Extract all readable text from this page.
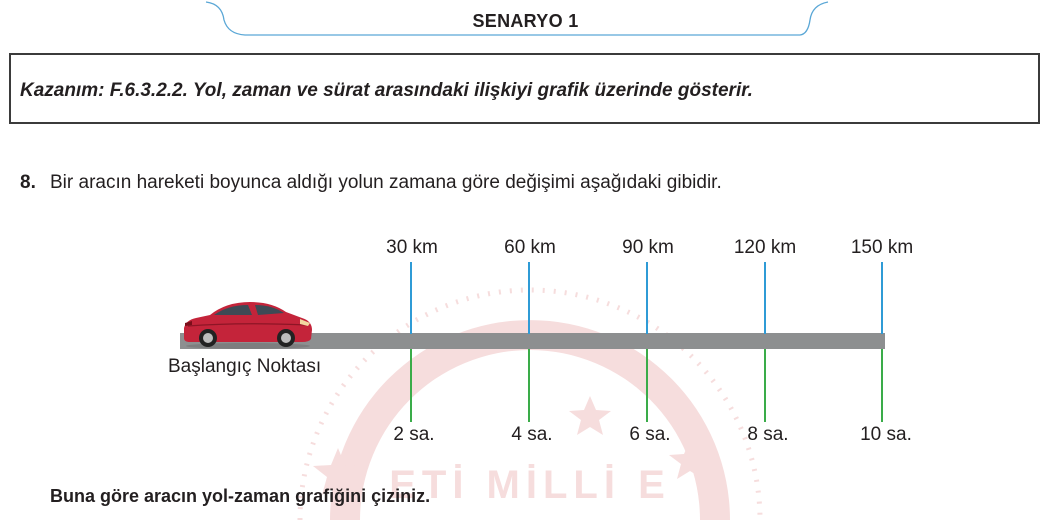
ETİ MİLLİ E
SENARYO 1
Kazanım: F.6.3.2.2. Yol, zaman ve sürat arasındaki ilişkiyi grafik üzerinde gösterir.
8. Bir aracın hareketi boyunca aldığı yolun zamana göre değişimi aşağıdaki gibidir.
30 km	60 km	90 km	120 km	150 km
2 sa.	4 sa.	6 sa.	8 sa.	10 sa.
Başlangıç Noktası
Buna göre aracın yol-zaman grafiğini çiziniz.
